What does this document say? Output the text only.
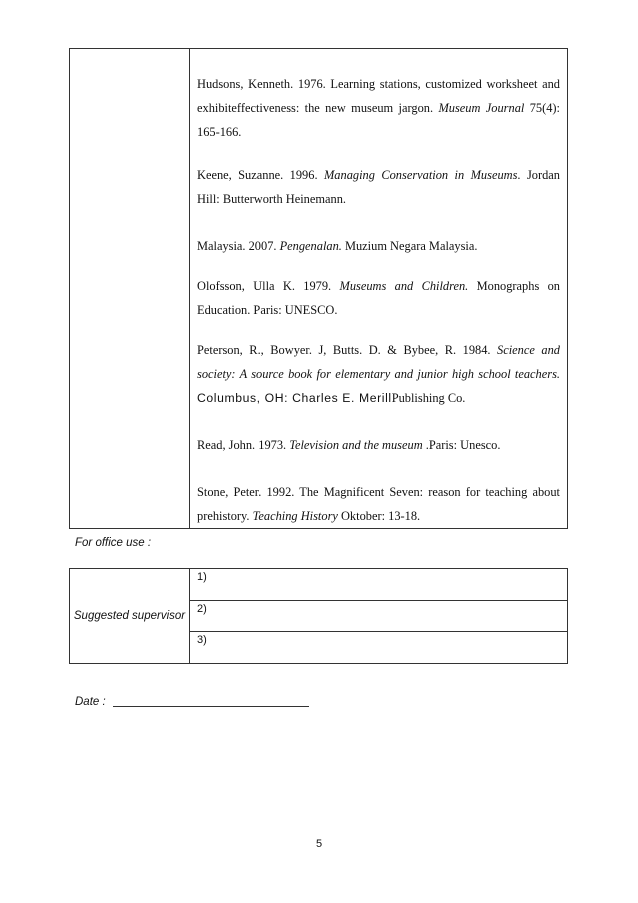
Hudsons, Kenneth. 1976. Learning stations, customized worksheet and exhibiteffectiveness: the new museum jargon. Museum Journal 75(4): 165-166.

Keene, Suzanne. 1996. Managing Conservation in Museums. Jordan Hill: Butterworth Heinemann.

Malaysia. 2007. Pengenalan. Muzium Negara Malaysia.

Olofsson, Ulla K. 1979. Museums and Children. Monographs on Education. Paris: UNESCO.

Peterson, R., Bowyer. J, Butts. D. & Bybee, R. 1984. Science and society: A source book for elementary and junior high school teachers. Columbus, OH: Charles E. MerillPublishing Co.

Read, John. 1973. Television and the museum .Paris: Unesco.

Stone, Peter. 1992. The Magnificent Seven: reason for teaching about prehistory. Teaching History Oktober: 13-18.

For office use :
Suggested supervisor	
1)

2)

3)
Date :
5
